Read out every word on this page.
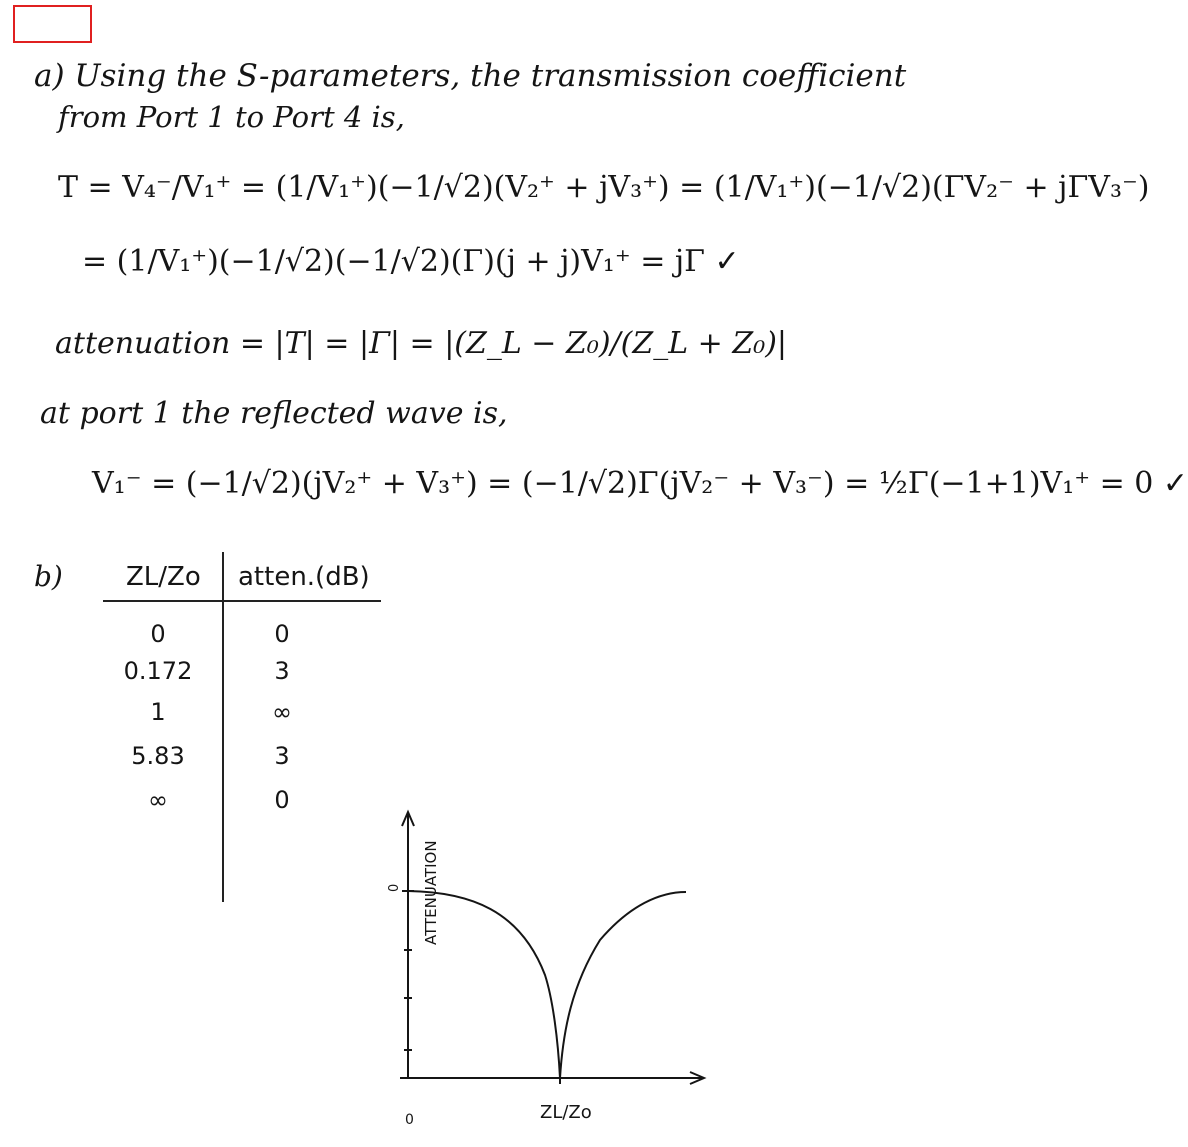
a) Using the S-parameters, the transmission coefficient
from Port 1 to Port 4 is,
T = V₄⁻/V₁⁺ = (1/V₁⁺)(−1/√2)(V₂⁺ + jV₃⁺) = (1/V₁⁺)(−1/√2)(ΓV₂⁻ + jΓV₃⁻)
= (1/V₁⁺)(−1/√2)(−1/√2)(Γ)(j + j)V₁⁺ = jΓ ✓
attenuation = |T| = |Γ| = |(Z_L − Z₀)/(Z_L + Z₀)|
at port 1 the reflected wave is,
V₁⁻ = (−1/√2)(jV₂⁺ + V₃⁺) = (−1/√2)Γ(jV₂⁻ + V₃⁻) = ½Γ(−1+1)V₁⁺ = 0 ✓
b) ZL/Zo atten.(dB)
0	0
0.172	3
1	∞
5.83	3
∞	0
0 ATTENUATION
0	ZL/Zo
